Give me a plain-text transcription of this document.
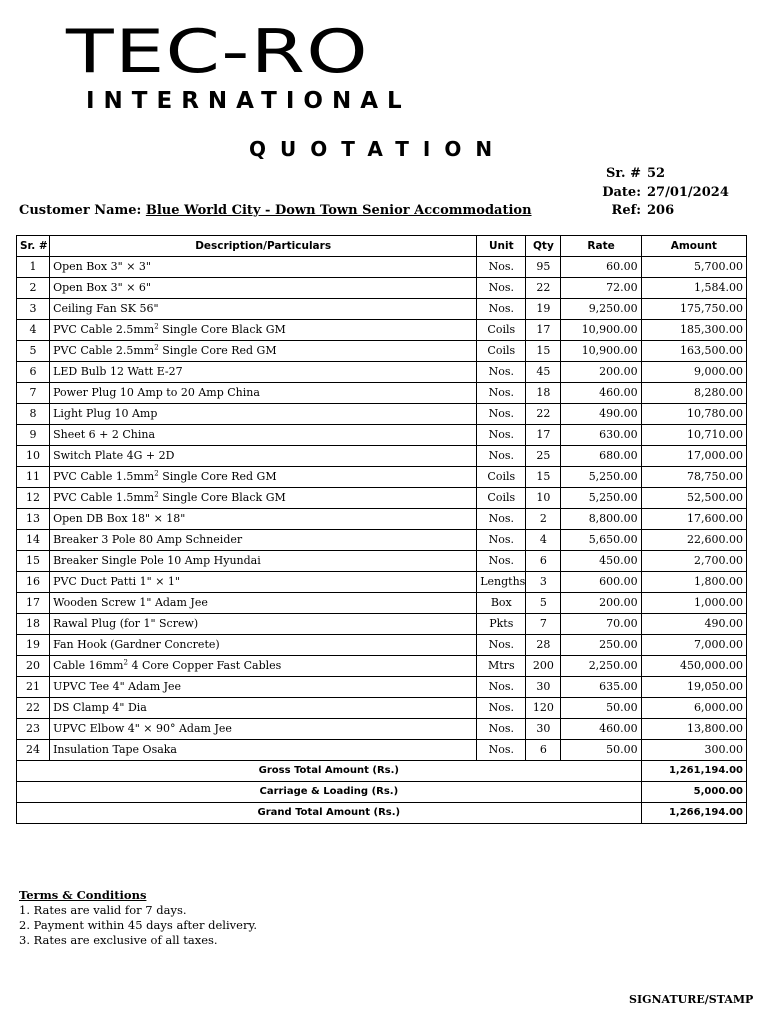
TEC-RO
INTERNATIONAL
QUOTATION
Sr. # 52
Date: 27/01/2024
Ref: 206
Customer Name: Blue World City - Down Town Senior Accommodation
Sr. #	Description/Particulars	Unit	Qty	Rate	Amount
1	Open Box 3" × 3"	Nos.	95	60.00	5,700.00
2	Open Box 3" × 6"	Nos.	22	72.00	1,584.00
3	Ceiling Fan SK 56"	Nos.	19	9,250.00	175,750.00
4	PVC Cable $2.5mm^2$ Single Core Black GM	Coils	17	10,900.00	185,300.00
5	PVC Cable $2.5mm^2$ Single Core Red GM	Coils	15	10,900.00	163,500.00
6	LED Bulb 12 Watt E-27	Nos.	45	200.00	9,000.00
7	Power Plug 10 Amp to 20 Amp China	Nos.	18	460.00	8,280.00
8	Light Plug 10 Amp	Nos.	22	490.00	10,780.00
9	Sheet 6 + 2 China	Nos.	17	630.00	10,710.00
10	Switch Plate 4G + 2D	Nos.	25	680.00	17,000.00
11	PVC Cable $1.5mm^2$ Single Core Red GM	Coils	15	5,250.00	78,750.00
12	PVC Cable $1.5mm^2$ Single Core Black GM	Coils	10	5,250.00	52,500.00
13	Open DB Box 18" × 18"	Nos.	2	8,800.00	17,600.00
14	Breaker 3 Pole 80 Amp Schneider	Nos.	4	5,650.00	22,600.00
15	Breaker Single Pole 10 Amp Hyundai	Nos.	6	450.00	2,700.00
16	PVC Duct Patti 1" × 1"	Lengths	3	600.00	1,800.00
17	Wooden Screw 1" Adam Jee	Box	5	200.00	1,000.00
18	Rawal Plug (for 1" Screw)	Pkts	7	70.00	490.00
19	Fan Hook (Gardner Concrete)	Nos.	28	250.00	7,000.00
20	Cable $16mm^2$ 4 Core Copper Fast Cables	Mtrs	200	2,250.00	450,000.00
21	UPVC Tee 4" Adam Jee	Nos.	30	635.00	19,050.00
22	DS Clamp 4" Dia	Nos.	120	50.00	6,000.00
23	UPVC Elbow 4" × 90° Adam Jee	Nos.	30	460.00	13,800.00
24	Insulation Tape Osaka	Nos.	6	50.00	300.00
Gross Total Amount (Rs.)					1,261,194.00
Carriage & Loading (Rs.)					5,000.00
Grand Total Amount (Rs.)					1,266,194.00
Terms & Conditions
1. Rates are valid for 7 days.
2. Payment within 45 days after delivery.
3. Rates are exclusive of all taxes.
SIGNATURE/STAMP
